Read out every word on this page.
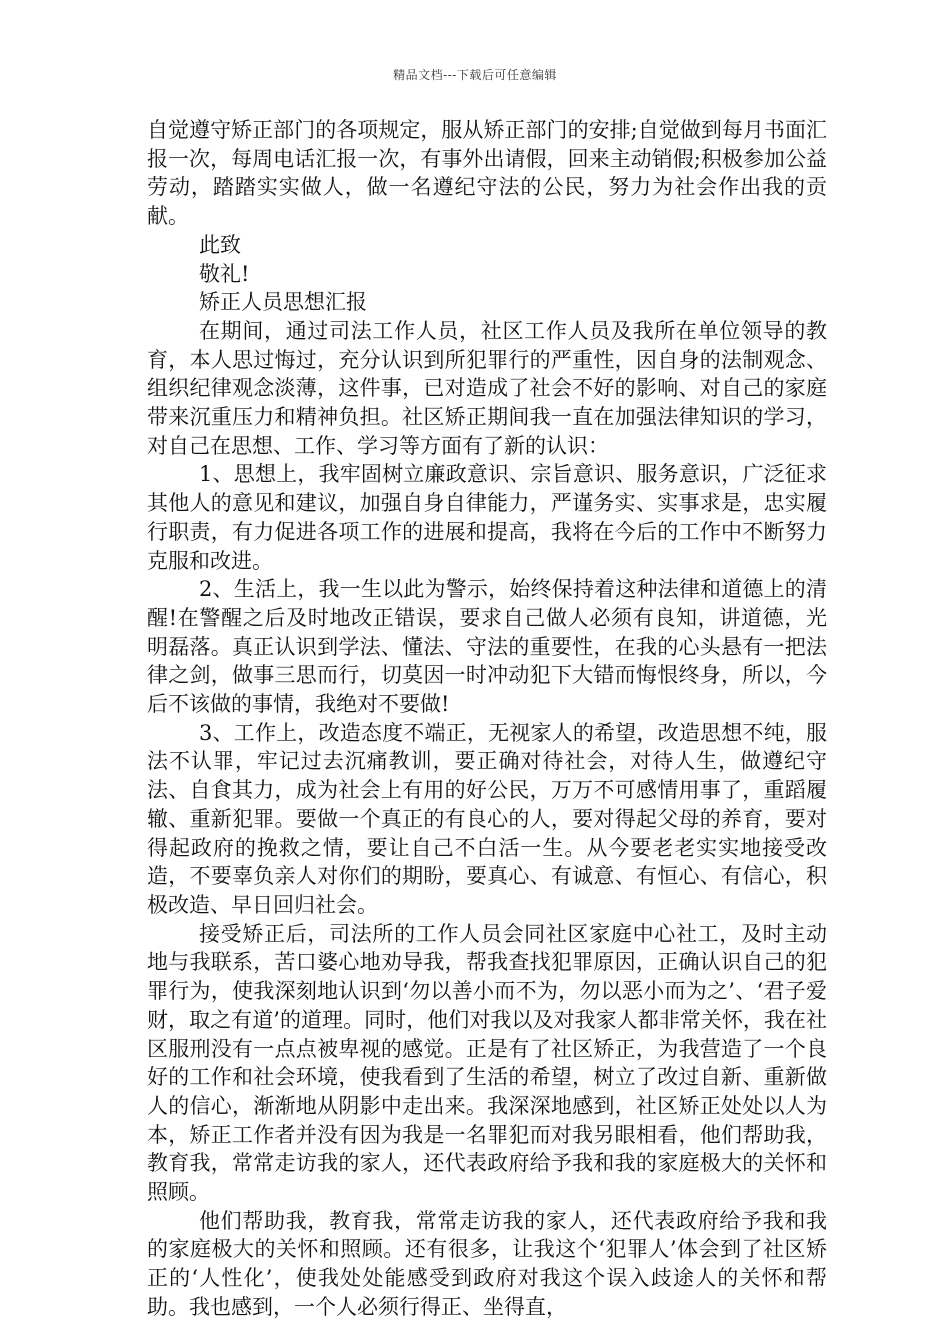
精品文档---下载后可任意编辑

自觉遵守矫正部门的各项规定，服从矫正部门的安排;自觉做到每月书面汇报一次，每周电话汇报一次，有事外出请假，回来主动销假;积极参加公益劳动，踏踏实实做人，做一名遵纪守法的公民，努力为社会作出我的贡献。

此致

敬礼!

矫正人员思想汇报

在期间，通过司法工作人员，社区工作人员及我所在单位领导的教育，本人思过悔过，充分认识到所犯罪行的严重性，因自身的法制观念、组织纪律观念淡薄，这件事，已对造成了社会不好的影响、对自己的家庭带来沉重压力和精神负担。社区矫正期间我一直在加强法律知识的学习，对自己在思想、工作、学习等方面有了新的认识：

1、思想上，我牢固树立廉政意识、宗旨意识、服务意识，广泛征求其他人的意见和建议，加强自身自律能力，严谨务实、实事求是，忠实履行职责，有力促进各项工作的进展和提高，我将在今后的工作中不断努力克服和改进。

2、生活上，我一生以此为警示，始终保持着这种法律和道德上的清醒!在警醒之后及时地改正错误，要求自己做人必须有良知，讲道德，光明磊落。真正认识到学法、懂法、守法的重要性，在我的心头悬有一把法律之剑，做事三思而行，切莫因一时冲动犯下大错而悔恨终身，所以，今后不该做的事情，我绝对不要做!

3、工作上，改造态度不端正，无视家人的希望，改造思想不纯，服法不认罪，牢记过去沉痛教训，要正确对待社会，对待人生，做遵纪守法、自食其力，成为社会上有用的好公民，万万不可感情用事了，重蹈履辙、重新犯罪。要做一个真正的有良心的人，要对得起父母的养育，要对得起政府的挽救之情，要让自己不白活一生。从今要老老实实地接受改造，不要辜负亲人对你们的期盼，要真心、有诚意、有恒心、有信心，积极改造、早日回归社会。

接受矫正后，司法所的工作人员会同社区家庭中心社工，及时主动地与我联系，苦口婆心地劝导我，帮我查找犯罪原因，正确认识自己的犯罪行为，使我深刻地认识到‘勿以善小而不为，勿以恶小而为之’、‘君子爱财，取之有道’的道理。同时，他们对我以及对我家人都非常关怀，我在社区服刑没有一点点被卑视的感觉。正是有了社区矫正，为我营造了一个良好的工作和社会环境，使我看到了生活的希望，树立了改过自新、重新做人的信心，渐渐地从阴影中走出来。我深深地感到，社区矫正处处以人为本，矫正工作者并没有因为我是一名罪犯而对我另眼相看，他们帮助我，教育我，常常走访我的家人，还代表政府给予我和我的家庭极大的关怀和照顾。

他们帮助我，教育我，常常走访我的家人，还代表政府给予我和我的家庭极大的关怀和照顾。还有很多，让我这个‘犯罪人’体会到了社区矫正的‘人性化’，使我处处能感受到政府对我这个误入歧途人的关怀和帮助。我也感到，一个人必须行得正、坐得直，
